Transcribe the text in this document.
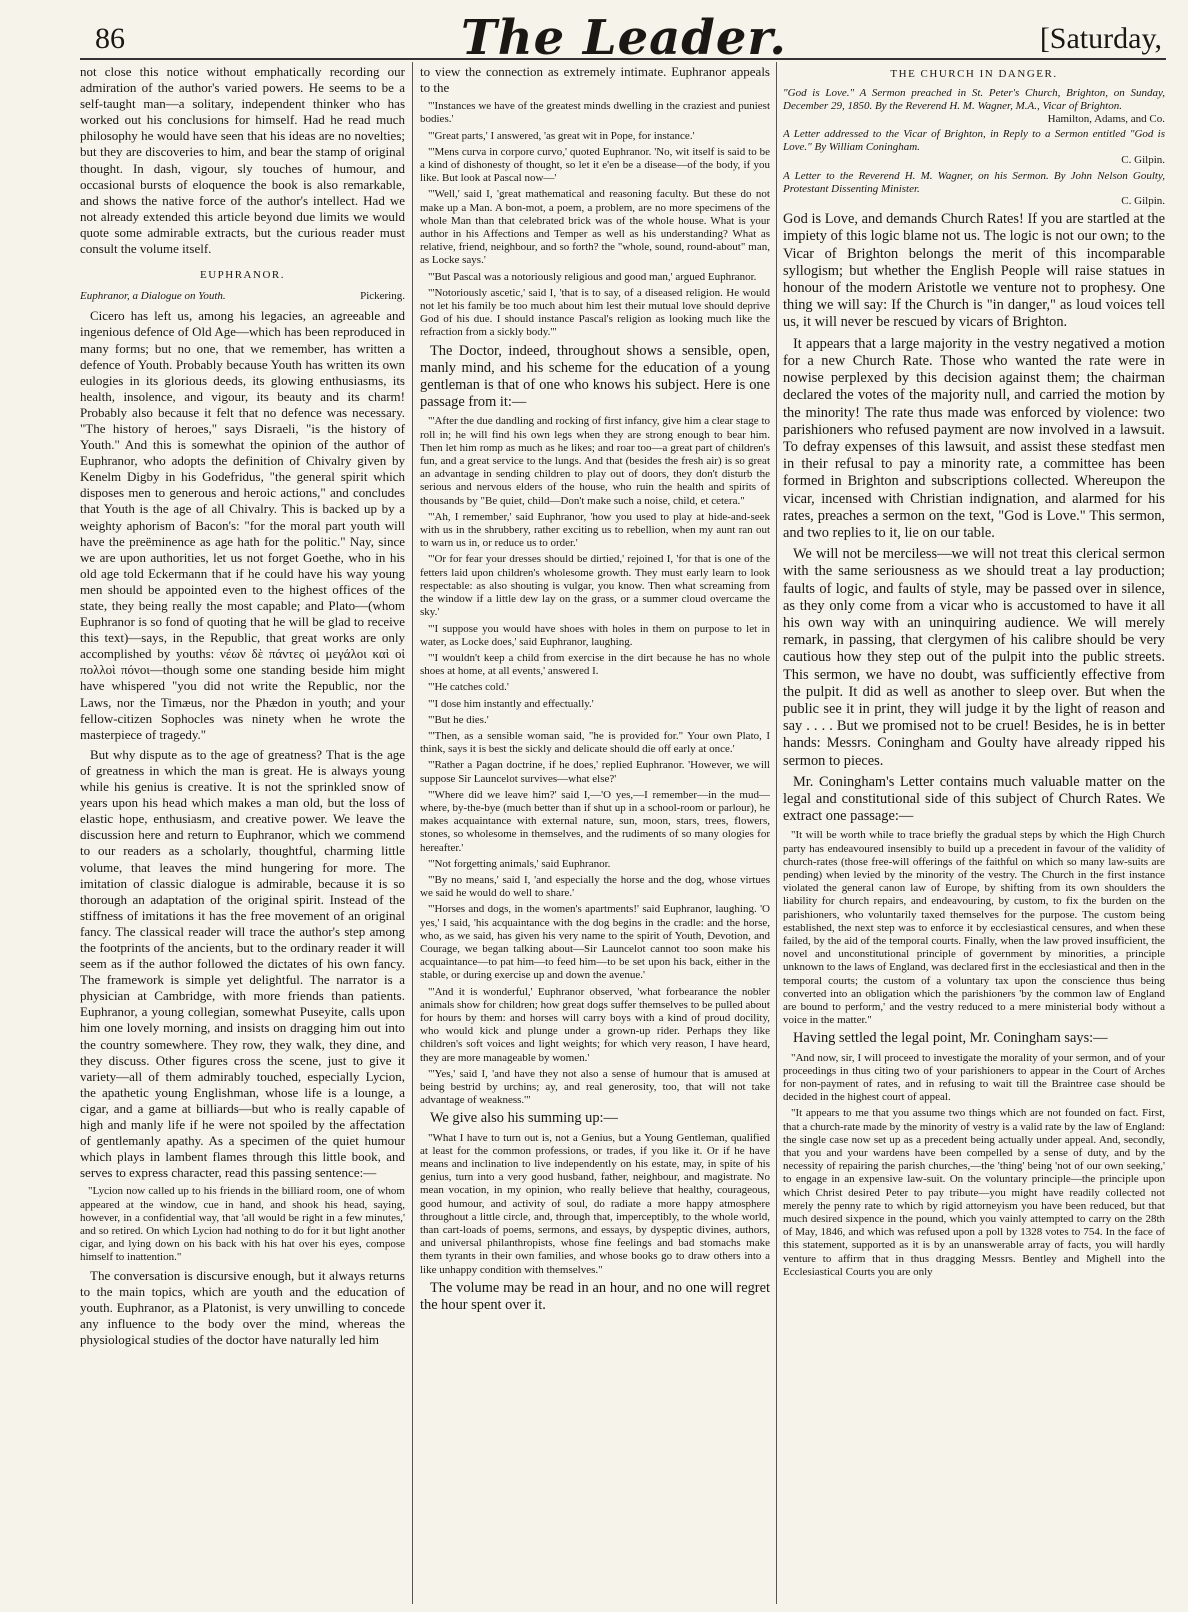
86	The Leader.	[Saturday,

not close this notice without emphatically recording our admiration of the author's varied powers. He seems to be a self-taught man—a solitary, independent thinker who has worked out his conclusions for himself. Had he read much philosophy he would have seen that his ideas are no novelties; but they are discoveries to him, and bear the stamp of original thought. In dash, vigour, sly touches of humour, and occasional bursts of eloquence the book is also remarkable, and shows the native force of the author's intellect. Had we not already extended this article beyond due limits we would quote some admirable extracts, but the curious reader must consult the volume itself.

EUPHRANOR.
Euphranor, a Dialogue on Youth.	Pickering.

Cicero has left us, among his legacies, an agreeable and ingenious defence of Old Age—which has been reproduced in many forms; but no one, that we remember, has written a defence of Youth. Probably because Youth has written its own eulogies in its glorious deeds, its glowing enthusiasms, its health, insolence, and vigour, its beauty and its charm! Probably also because it felt that no defence was necessary. "The history of heroes," says Disraeli, "is the history of Youth." And this is somewhat the opinion of the author of Euphranor, who adopts the definition of Chivalry given by Kenelm Digby in his Godefridus, "the general spirit which disposes men to generous and heroic actions," and concludes that Youth is the age of all Chivalry. This is backed up by a weighty aphorism of Bacon's: "for the moral part youth will have the preëminence as age hath for the politic." Nay, since we are upon authorities, let us not forget Goethe, who in his old age told Eckermann that if he could have his way young men should be appointed even to the highest offices of the state, they being really the most capable; and Plato—(whom Euphranor is so fond of quoting that he will be glad to receive this text)—says, in the Republic, that great works are only accomplished by youths: νέων δὲ πάντες οἱ μεγάλοι καὶ οἱ πολλοὶ πόνοι—though some one standing beside him might have whispered "you did not write the Republic, nor the Laws, nor the Timæus, nor the Phædon in youth; and your fellow-citizen Sophocles was ninety when he wrote the masterpiece of tragedy."

But why dispute as to the age of greatness? That is the age of greatness in which the man is great. He is always young while his genius is creative. It is not the sprinkled snow of years upon his head which makes a man old, but the loss of elastic hope, enthusiasm, and creative power. We leave the discussion here and return to Euphranor, which we commend to our readers as a scholarly, thoughtful, charming little volume, that leaves the mind hungering for more. The imitation of classic dialogue is admirable, because it is so thorough an adaptation of the original spirit. Instead of the stiffness of imitations it has the free movement of an original fancy. The classical reader will trace the author's step among the footprints of the ancients, but to the ordinary reader it will seem as if the author followed the dictates of his own fancy. The framework is simple yet delightful. The narrator is a physician at Cambridge, with more friends than patients. Euphranor, a young collegian, somewhat Puseyite, calls upon him one lovely morning, and insists on dragging him out into the country somewhere. They row, they walk, they dine, and they discuss. Other figures cross the scene, just to give it variety—all of them admirably touched, especially Lycion, the apathetic young Englishman, whose life is a lounge, a cigar, and a game at billiards—but who is really capable of high and manly life if he were not spoiled by the affectation of gentlemanly apathy. As a specimen of the quiet humour which plays in lambent flames through this little book, and serves to express character, read this passing sentence:—

"Lycion now called up to his friends in the billiard room, one of whom appeared at the window, cue in hand, and shook his head, saying, however, in a confidential way, that 'all would be right in a few minutes,' and so retired. On which Lycion had nothing to do for it but light another cigar, and lying down on his back with his hat over his eyes, compose himself to inattention."

The conversation is discursive enough, but it always returns to the main topics, which are youth and the education of youth. Euphranor, as a Platonist, is very unwilling to concede any influence to the body over the mind, whereas the physiological studies of the doctor have naturally led him

to view the connection as extremely intimate. Euphranor appeals to the

"'Instances we have of the greatest minds dwelling in the craziest and puniest bodies.'

"'Great parts,' I answered, 'as great wit in Pope, for instance.'

"'Mens curva in corpore curvo,' quoted Euphranor. 'No, wit itself is said to be a kind of dishonesty of thought, so let it e'en be a disease—of the body, if you like. But look at Pascal now—'

"'Well,' said I, 'great mathematical and reasoning faculty. But these do not make up a Man. A bon-mot, a poem, a problem, are no more specimens of the whole Man than that celebrated brick was of the whole house. What is your author in his Affections and Temper as well as his understanding? What as relative, friend, neighbour, and so forth? the "whole, sound, round-about" man, as Locke says.'

"'But Pascal was a notoriously religious and good man,' argued Euphranor.

"'Notoriously ascetic,' said I, 'that is to say, of a diseased religion. He would not let his family be too much about him lest their mutual love should deprive God of his due. I should instance Pascal's religion as looking much like the refraction from a sickly body.'"

The Doctor, indeed, throughout shows a sensible, open, manly mind, and his scheme for the education of a young gentleman is that of one who knows his subject. Here is one passage from it:—

"'After the due dandling and rocking of first infancy, give him a clear stage to roll in; he will find his own legs when they are strong enough to bear him. Then let him romp as much as he likes; and roar too—a great part of children's fun, and a great service to the lungs. And that (besides the fresh air) is so great an advantage in sending children to play out of doors, they don't disturb the serious and nervous elders of the house, who ruin the health and spirits of thousands by "Be quiet, child—Don't make such a noise, child, et cetera."

"'Ah, I remember,' said Euphranor, 'how you used to play at hide-and-seek with us in the shrubbery, rather exciting us to rebellion, when my aunt ran out to warn us in, or reduce us to order.'

"'Or for fear your dresses should be dirtied,' rejoined I, 'for that is one of the fetters laid upon children's wholesome growth. They must early learn to look respectable: as also shouting is vulgar, you know. Then what screaming from the window if a little dew lay on the grass, or a summer cloud overcame the sky.'

"'I suppose you would have shoes with holes in them on purpose to let in water, as Locke does,' said Euphranor, laughing.

"'I wouldn't keep a child from exercise in the dirt because he has no whole shoes at home, at all events,' answered I.

"'He catches cold.'

"'I dose him instantly and effectually.'

"'But he dies.'

"'Then, as a sensible woman said, "he is provided for." Your own Plato, I think, says it is best the sickly and delicate should die off early at once.'

"'Rather a Pagan doctrine, if he does,' replied Euphranor. 'However, we will suppose Sir Launcelot survives—what else?'

"'Where did we leave him?' said I,—'O yes,—I remember—in the mud—where, by-the-bye (much better than if shut up in a school-room or parlour), he makes acquaintance with external nature, sun, moon, stars, trees, flowers, stones, so wholesome in themselves, and the rudiments of so many ologies for hereafter.'

"'Not forgetting animals,' said Euphranor.

"'By no means,' said I, 'and especially the horse and the dog, whose virtues we said he would do well to share.'

"'Horses and dogs, in the women's apartments!' said Euphranor, laughing. 'O yes,' I said, 'his acquaintance with the dog begins in the cradle: and the horse, who, as we said, has given his very name to the spirit of Youth, Devotion, and Courage, we began talking about—Sir Launcelot cannot too soon make his acquaintance—to pat him—to feed him—to be set upon his back, either in the stable, or during exercise up and down the avenue.'

"'And it is wonderful,' Euphranor observed, 'what forbearance the nobler animals show for children; how great dogs suffer themselves to be pulled about for hours by them: and horses will carry boys with a kind of proud docility, who would kick and plunge under a grown-up rider. Perhaps they like children's soft voices and light weights; for which very reason, I have heard, they are more manageable by women.'

"'Yes,' said I, 'and have they not also a sense of humour that is amused at being bestrid by urchins; ay, and real generosity, too, that will not take advantage of weakness.'"

We give also his summing up:—

"What I have to turn out is, not a Genius, but a Young Gentleman, qualified at least for the common professions, or trades, if you like it. Or if he have means and inclination to live independently on his estate, may, in spite of his genius, turn into a very good husband, father, neighbour, and magistrate. No mean vocation, in my opinion, who really believe that healthy, courageous, good humour, and activity of soul, do radiate a more happy atmosphere throughout a little circle, and, through that, imperceptibly, to the whole world, than cart-loads of poems, sermons, and essays, by dyspeptic divines, authors, and universal philanthropists, whose fine feelings and bad stomachs make them tyrants in their own families, and whose books go to draw others into a like unhappy condition with themselves."

The volume may be read in an hour, and no one will regret the hour spent over it.

THE CHURCH IN DANGER.

"God is Love." A Sermon preached in St. Peter's Church, Brighton, on Sunday, December 29, 1850. By the Reverend H. M. Wagner, M.A., Vicar of Brighton.
Hamilton, Adams, and Co.

A Letter addressed to the Vicar of Brighton, in Reply to a Sermon entitled "God is Love." By William Coningham.
C. Gilpin.

A Letter to the Reverend H. M. Wagner, on his Sermon. By John Nelson Goulty, Protestant Dissenting Minister.
C. Gilpin.

God is Love, and demands Church Rates! If you are startled at the impiety of this logic blame not us. The logic is not our own; to the Vicar of Brighton belongs the merit of this incomparable syllogism; but whether the English People will raise statues in honour of the modern Aristotle we venture not to prophesy. One thing we will say: If the Church is "in danger," as loud voices tell us, it will never be rescued by vicars of Brighton.

It appears that a large majority in the vestry negatived a motion for a new Church Rate. Those who wanted the rate were in nowise perplexed by this decision against them; the chairman declared the votes of the majority null, and carried the motion by the minority! The rate thus made was enforced by violence: two parishioners who refused payment are now involved in a lawsuit. To defray expenses of this lawsuit, and assist these stedfast men in their refusal to pay a minority rate, a committee has been formed in Brighton and subscriptions collected. Whereupon the vicar, incensed with Christian indignation, and alarmed for his rates, preaches a sermon on the text, "God is Love." This sermon, and two replies to it, lie on our table.

We will not be merciless—we will not treat this clerical sermon with the same seriousness as we should treat a lay production; faults of logic, and faults of style, may be passed over in silence, as they only come from a vicar who is accustomed to have it all his own way with an uninquiring audience. We will merely remark, in passing, that clergymen of his calibre should be very cautious how they step out of the pulpit into the public streets. This sermon, we have no doubt, was sufficiently effective from the pulpit. It did as well as another to sleep over. But when the public see it in print, they will judge it by the light of reason and say . . . . But we promised not to be cruel! Besides, he is in better hands: Messrs. Coningham and Goulty have already ripped his sermon to pieces.

Mr. Coningham's Letter contains much valuable matter on the legal and constitutional side of this subject of Church Rates. We extract one passage:—

"It will be worth while to trace briefly the gradual steps by which the High Church party has endeavoured insensibly to build up a precedent in favour of the validity of church-rates (those free-will offerings of the faithful on which so many law-suits are pending) when levied by the minority of the vestry. The Church in the first instance violated the general canon law of Europe, by shifting from its own shoulders the liability for church repairs, and endeavouring, by custom, to fix the burden on the parishioners, who voluntarily taxed themselves for the purpose. The custom being established, the next step was to enforce it by ecclesiastical censures, and when these failed, by the aid of the temporal courts. Finally, when the law proved insufficient, the novel and unconstitutional principle of government by minorities, a principle unknown to the laws of England, was declared first in the ecclesiastical and then in the temporal courts; the custom of a voluntary tax upon the conscience thus being converted into an obligation which the parishioners 'by the common law of England are bound to perform,' and the vestry reduced to a mere ministerial body without a voice in the matter."

Having settled the legal point, Mr. Coningham says:—

"And now, sir, I will proceed to investigate the morality of your sermon, and of your proceedings in thus citing two of your parishioners to appear in the Court of Arches for non-payment of rates, and in refusing to wait till the Braintree case should be decided in the highest court of appeal.

"It appears to me that you assume two things which are not founded on fact. First, that a church-rate made by the minority of vestry is a valid rate by the law of England: the single case now set up as a precedent being actually under appeal. And, secondly, that you and your wardens have been compelled by a sense of duty, and by the necessity of repairing the parish churches,—the 'thing' being 'not of our own seeking,' to engage in an expensive law-suit. On the voluntary principle—the principle upon which Christ desired Peter to pay tribute—you might have readily collected not merely the penny rate to which by rigid attorneyism you have been reduced, but that much desired sixpence in the pound, which you vainly attempted to carry on the 28th of May, 1846, and which was refused upon a poll by 1328 votes to 754. In the face of this statement, supported as it is by an unanswerable array of facts, you will hardly venture to affirm that in thus dragging Messrs. Bentley and Mighell into the Ecclesiastical Courts you are only
